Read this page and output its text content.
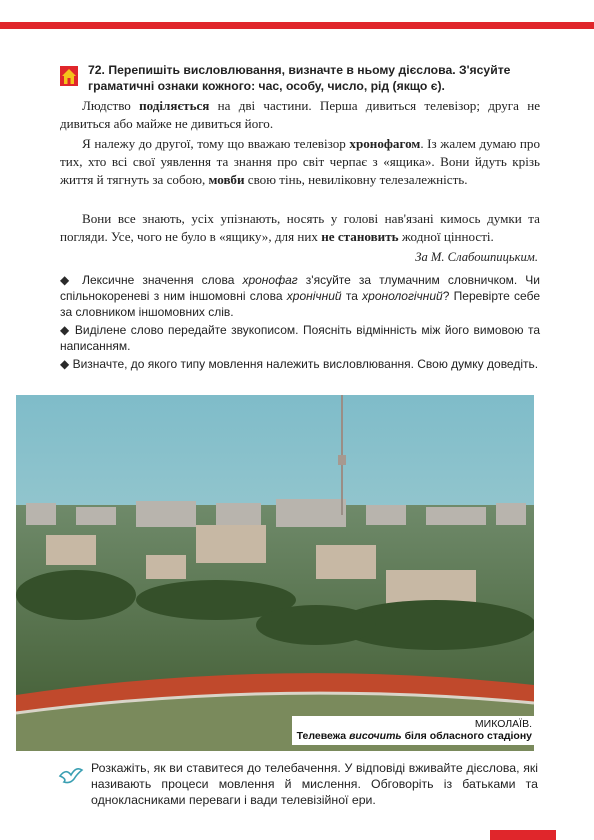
72. Перепишіть висловлювання, визначте в ньому дієслова. З'ясуйте граматичні ознаки кожного: час, особу, число, рід (якщо є).

Людство поділяється на дві частини. Перша дивиться телевізор; друга не дивиться або майже не дивиться його.

Я належу до другої, тому що вважаю телевізор хронофагом. Із жалем думаю про тих, хто всі свої уявлення та знання про світ черпає з «ящика». Вони йдуть крізь життя й тягнуть за собою, мовби свою тінь, невиліковну телезалежність.

Вони все знають, усіх упізнають, носять у голові нав'язані кимось думки та погляди. Усе, чого не було в «ящику», для них не становить жодної цінності.

За М. Слабошпицьким.
◆ Лексичне значення слова хронофаг з'ясуйте за тлумачним словничком. Чи спільнокореневі з ним іншомовні слова хронічний та хронологічний? Перевірте себе за словником іншомовних слів.
◆ Виділене слово передайте звукописом. Поясніть відмінність між його вимовою та написанням.
◆ Визначте, до якого типу мовлення належить висловлювання. Свою думку доведіть.
МИКОЛАЇВ.
Телевежа височить біля обласного стадіону
Розкажіть, як ви ставитеся до телебачення. У відповіді вживайте дієслова, які називають процеси мовлення й мислення. Обговоріть із батьками та однокласниками переваги і вади телевізійної ери.
